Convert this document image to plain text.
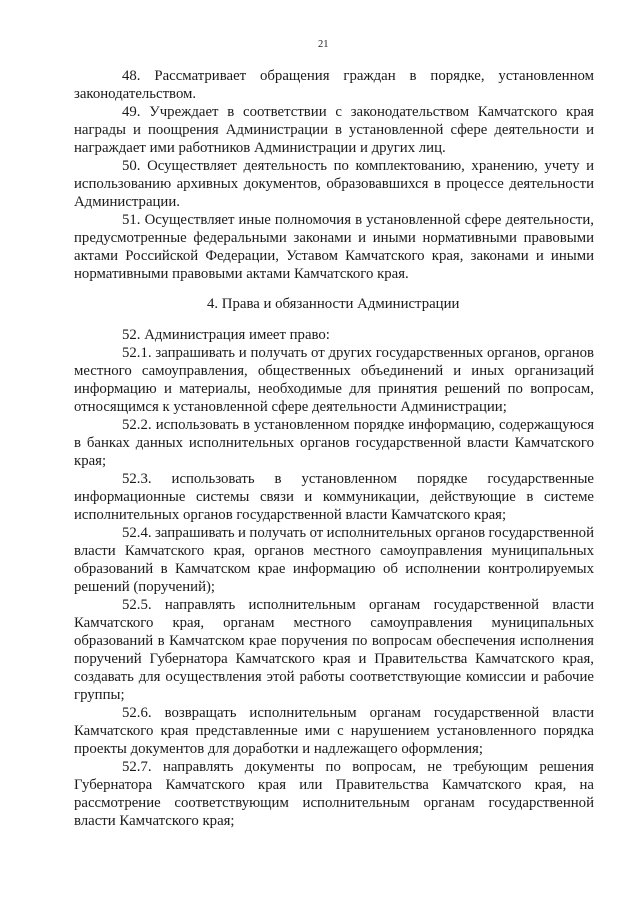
21
48. Рассматривает обращения граждан в порядке, установленном
законодательством.
49. Учреждает в соответствии с законодательством Камчатского края
награды и поощрения Администрации в установленной сфере деятельности и
награждает ими работников Администрации и других лиц.
50. Осуществляет деятельность по комплектованию, хранению, учету и
использованию архивных документов, образовавшихся в процессе деятельности
Администрации.
51. Осуществляет иные полномочия в установленной сфере деятельности,
предусмотренные федеральными законами и иными нормативными правовыми
актами Российской Федерации, Уставом Камчатского края, законами и иными
нормативными правовыми актами Камчатского края.
4. Права и обязанности Администрации
52. Администрация имеет право:
52.1. запрашивать и получать от других государственных органов, органов
местного самоуправления, общественных объединений и иных организаций
информацию и материалы, необходимые для принятия решений по вопросам,
относящимся к установленной сфере деятельности Администрации;
52.2. использовать в установленном порядке информацию, содержащуюся
в банках данных исполнительных органов государственной власти Камчатского
края;
52.3. использовать в установленном порядке государственные
информационные системы связи и коммуникации, действующие в системе
исполнительных органов государственной власти Камчатского края;
52.4. запрашивать и получать от исполнительных органов государственной
власти Камчатского края, органов местного самоуправления муниципальных
образований в Камчатском крае информацию об исполнении контролируемых
решений (поручений);
52.5. направлять исполнительным органам государственной власти
Камчатского края, органам местного самоуправления муниципальных
образований в Камчатском крае поручения по вопросам обеспечения исполнения
поручений Губернатора Камчатского края и Правительства Камчатского края,
создавать для осуществления этой работы соответствующие комиссии и рабочие
группы;
52.6. возвращать исполнительным органам государственной власти
Камчатского края представленные ими с нарушением установленного порядка
проекты документов для доработки и надлежащего оформления;
52.7. направлять документы по вопросам, не требующим решения
Губернатора Камчатского края или Правительства Камчатского края, на
рассмотрение соответствующим исполнительным органам государственной
власти Камчатского края;
